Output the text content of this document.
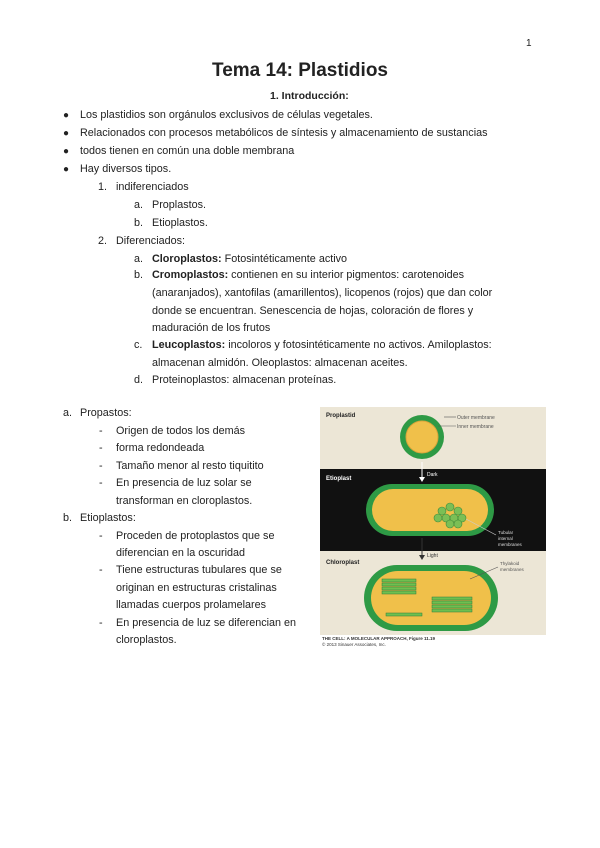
1
Tema 14: Plastidios
1. Introducción:
● Los plastidios son orgánulos exclusivos de células vegetales.
● Relacionados con procesos metabólicos de síntesis y almacenamiento de sustancias
● todos tienen en común una doble membrana
● Hay diversos tipos.
1. indiferenciados
a. Proplastos.
b. Etioplastos.
2. Diferenciados:
a. Cloroplastos: Fotosintéticamente activo
b. Cromoplastos: contienen en su interior pigmentos: carotenoides
(anaranjados), xantofilas (amarillentos), licopenos (rojos) que dan color
donde se encuentran. Senescencia de hojas, coloración de flores y
maduración de los frutos
c. Leucoplastos: incoloros y fotosintéticamente no activos. Amiloplastos:
almacenan almidón. Oleoplastos: almacenan aceites.
d. Proteinoplastos: almacenan proteínas.
a. Propastos:
- Origen de todos los demás
- forma redondeada
- Tamaño menor al resto tiquitito
- En presencia de luz solar se
transforman en cloroplastos.
b. Etioplastos:
- Proceden de protoplastos que se
diferencian en la oscuridad
- Tiene estructuras tubulares que se
originan en estructuras cristalinas
llamadas cuerpos prolamelares
- En presencia de luz se diferencian en
cloroplastos.
Proplastid	Outer membrane
Inner membrane
Dark
Etioplast
Tubular
internal
membranes
Light
Chloroplast	Thylakoid
membranes
THE CELL: A MOLECULAR APPROACH, Figure 11.19
© 2013 Sinauer Associates, Inc.
